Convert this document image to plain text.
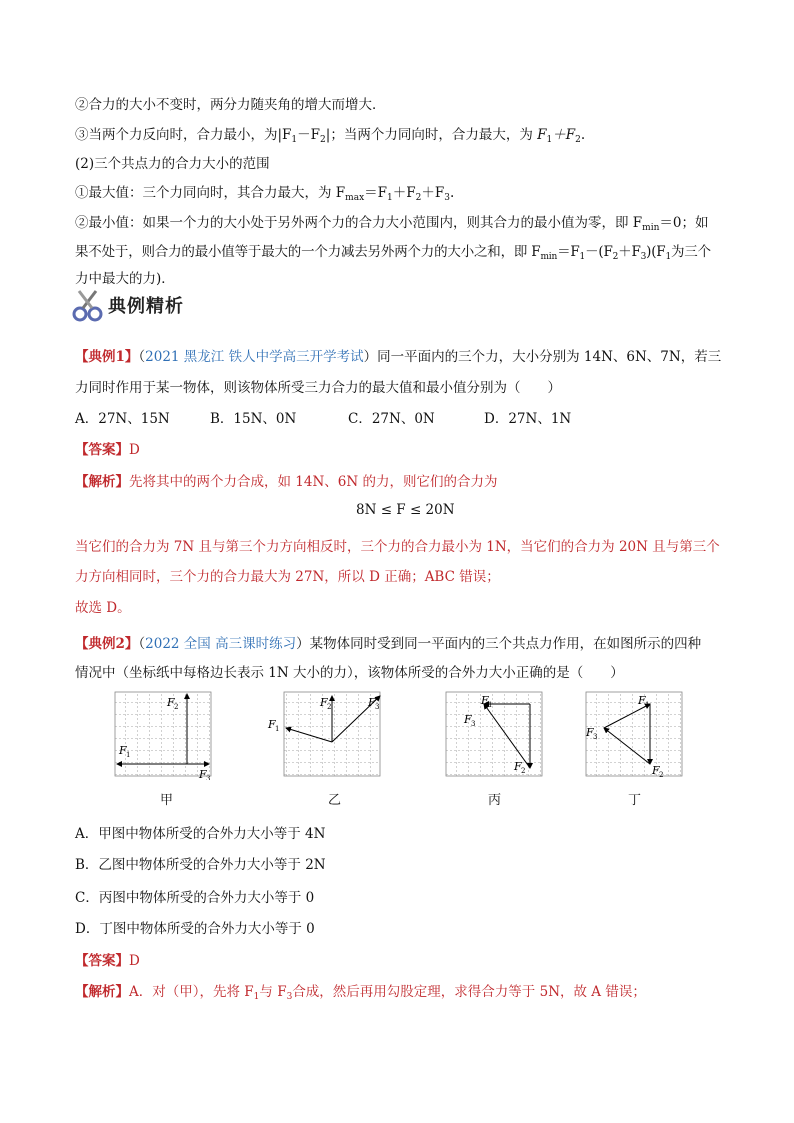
②合力的大小不变时，两分力随夹角的增大而增大．
③当两个力反向时，合力最小，为$|F_1-F_2|$；当两个力同向时，合力最大，为 $F_1+F_2$.
(2)三个共点力的合力大小的范围
①最大值：三个力同向时，其合力最大，为 $F_{max}=F_1+F_2+F_3$.
②最小值：如果一个力的大小处于另外两个力的合力大小范围内，则其合力的最小值为零，即 $F_{min}=0$；如
果不处于，则合力的最小值等于最大的一个力减去另外两个力的大小之和，即 $F_{min}=F_1-(F_2+F_3)(F_1$为三个
力中最大的力)．
典例精析
【典例1】（2021 黑龙江 铁人中学高三开学考试）同一平面内的三个力，大小分别为 14N、6N、7N，若三
力同时作用于某一物体，则该物体所受三力合力的最大值和最小值分别为（　　）
A．27N、15N	B．15N、0N	C．27N、0N	D．27N、1N
【答案】D
【解析】先将其中的两个力合成，如 14N、6N 的力，则它们的合力为
8N ≤ F ≤ 20N
当它们的合力为 7N 且与第三个力方向相反时，三个力的合力最小为 1N，当它们的合力为 20N 且与第三个
力方向相同时，三个力的合力最大为 27N，所以 D 正确；ABC 错误；
故选 D。
【典例2】（2022 全国 高三课时练习）某物体同时受到同一平面内的三个共点力作用，在如图所示的四种
情况中（坐标纸中每格边长表示 1N 大小的力），该物体所受的合外力大小正确的是（　　）
F 2
F 1
F 3
F 1
F 2	F 3	F 1
F 3
F 2
F 1
F 3
F 2
甲	乙	丙	丁
A．甲图中物体所受的合外力大小等于 4N
B．乙图中物体所受的合外力大小等于 2N
C．丙图中物体所受的合外力大小等于 0
D．丁图中物体所受的合外力大小等于 0
【答案】D
【解析】A．对（甲），先将 $F_1$与 $F_3$合成，然后再用勾股定理，求得合力等于 5N，故 A 错误；
